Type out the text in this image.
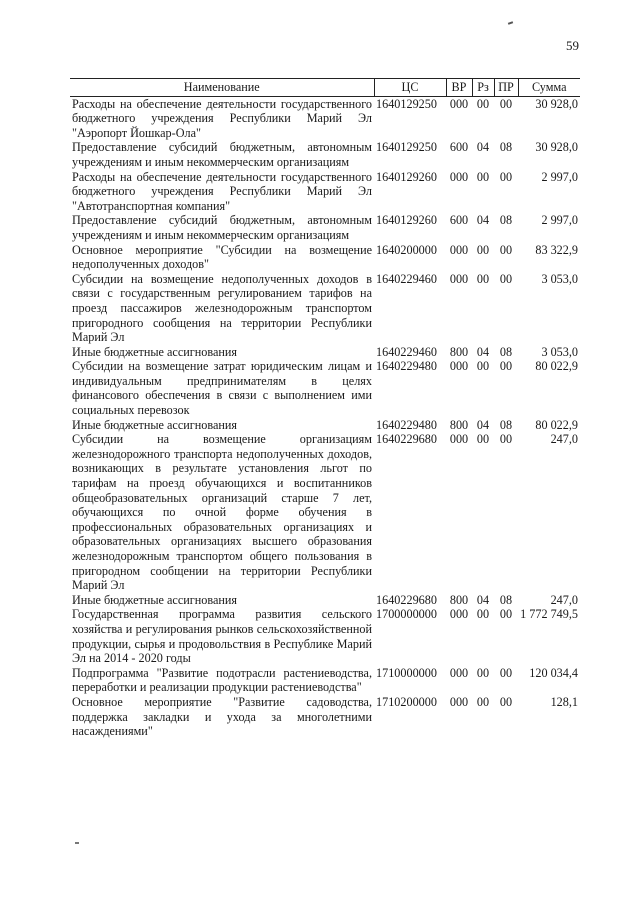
59
Наименование	ЦС	ВР	Рз	ПР	Сумма
Расходы на обеспечение деятельности государственного бюджетного учреждения Республики Марий Эл "Аэропорт Йошкар-Ола"	1640129250	000	00	00	30 928,0
Предоставление субсидий бюджетным, автономным учреждениям и иным некоммерческим организациям	1640129250	600	04	08	30 928,0
Расходы на обеспечение деятельности государственного бюджетного учреждения Республики Марий Эл "Автотранспортная компания"	1640129260	000	00	00	2 997,0
Предоставление субсидий бюджетным, автономным учреждениям и иным некоммерческим организациям	1640129260	600	04	08	2 997,0
Основное мероприятие "Субсидии на возмещение недополученных доходов"	1640200000	000	00	00	83 322,9
Субсидии на возмещение недополученных доходов в связи с государственным регулированием тарифов на проезд пассажиров железнодорожным транспортом пригородного сообщения на территории Республики Марий Эл	1640229460	000	00	00	3 053,0
Иные бюджетные ассигнования	1640229460	800	04	08	3 053,0
Субсидии на возмещение затрат юридическим лицам и индивидуальным предпринимателям в целях финансового обеспечения в связи с выполнением ими социальных перевозок	1640229480	000	00	00	80 022,9
Иные бюджетные ассигнования	1640229480	800	04	08	80 022,9
Субсидии на возмещение организациям железнодорожного транспорта недополученных доходов, возникающих в результате установления льгот по тарифам на проезд обучающихся и воспитанников общеобразовательных организаций старше 7 лет, обучающихся по очной форме обучения в профессиональных образовательных организациях и образовательных организациях высшего образования железнодорожным транспортом общего пользования в пригородном сообщении на территории Республики Марий Эл	1640229680	000	00	00	247,0
Иные бюджетные ассигнования	1640229680	800	04	08	247,0
Государственная программа развития сельского хозяйства и регулирования рынков сельскохозяйственной продукции, сырья и продовольствия в Республике Марий Эл на 2014 - 2020 годы	1700000000	000	00	00	1 772 749,5
Подпрограмма "Развитие подотрасли растениеводства, переработки и реализации продукции растениеводства"	1710000000	000	00	00	120 034,4
Основное мероприятие "Развитие садоводства, поддержка закладки и ухода за многолетними насаждениями"	1710200000	000	00	00	128,1
